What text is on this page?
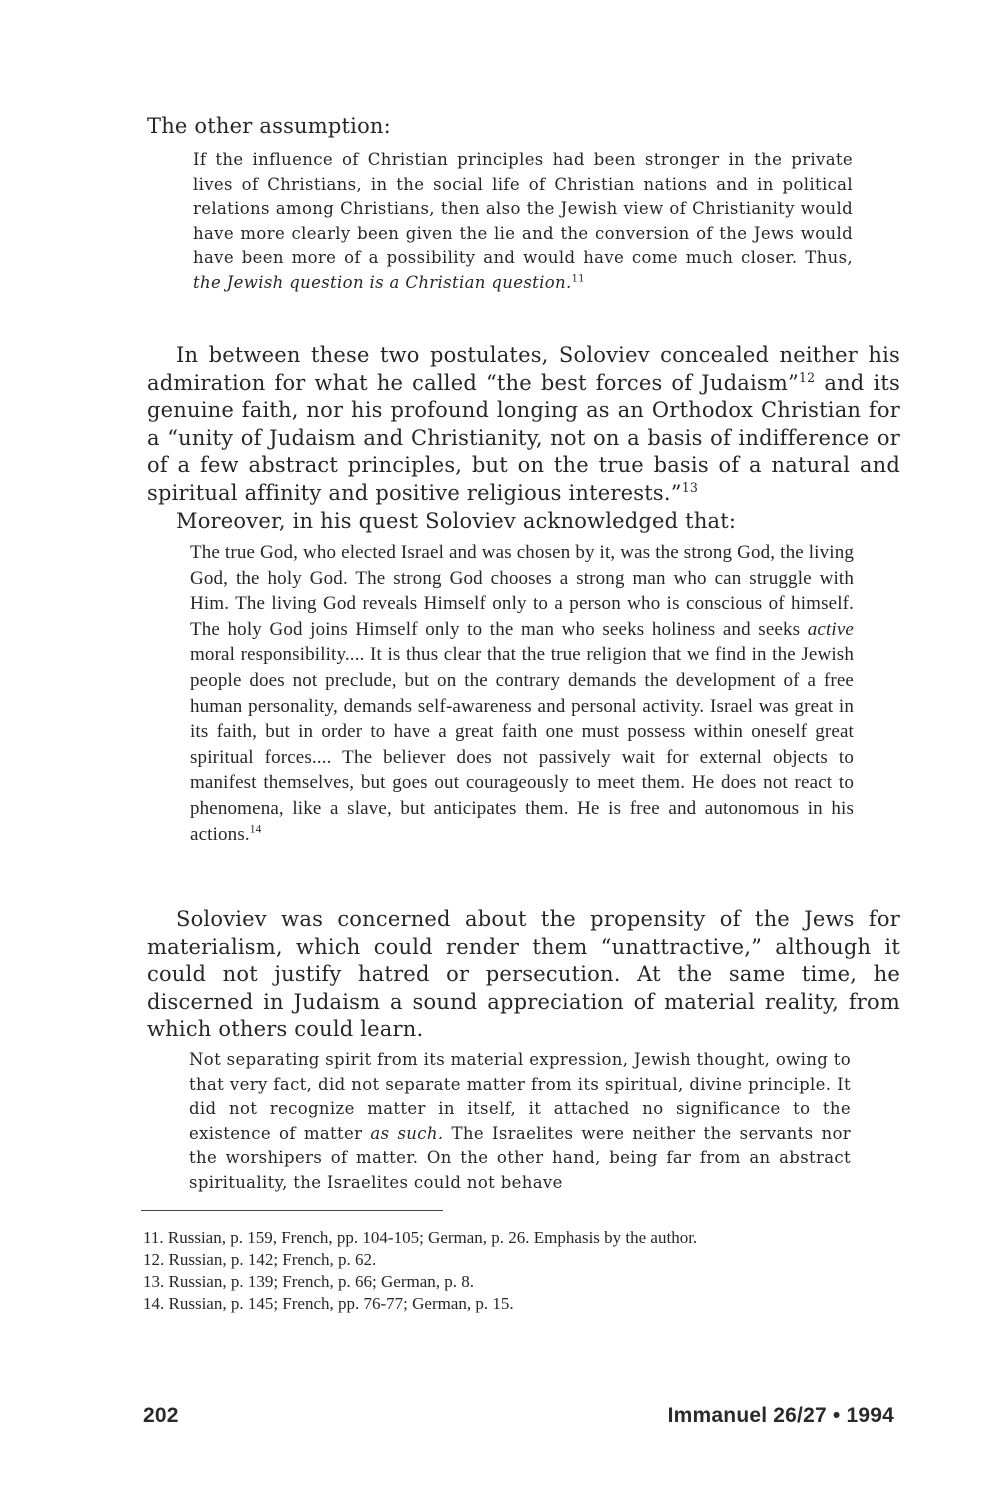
The other assumption:

If the influence of Christian principles had been stronger in the private lives of Christians, in the social life of Christian nations and in political relations among Christians, then also the Jewish view of Christianity would have more clearly been given the lie and the conversion of the Jews would have been more of a possibility and would have come much closer. Thus, the Jewish question is a Christian question.$^{11}$

In between these two postulates, Soloviev concealed neither his admiration for what he called “the best forces of Judaism”$^{12}$ and its genuine faith, nor his profound longing as an Orthodox Christian for a “unity of Judaism and Christianity, not on a basis of indifference or of a few abstract principles, but on the true basis of a natural and spiritual affinity and positive religious interests.”$^{13}$

Moreover, in his quest Soloviev acknowledged that:

The true God, who elected Israel and was chosen by it, was the strong God, the living God, the holy God. The strong God chooses a strong man who can struggle with Him. The living God reveals Himself only to a person who is conscious of himself. The holy God joins Himself only to the man who seeks holiness and seeks active moral responsibility.... It is thus clear that the true religion that we find in the Jewish people does not preclude, but on the contrary demands the development of a free human personality, demands self-awareness and personal activity. Israel was great in its faith, but in order to have a great faith one must possess within oneself great spiritual forces.... The believer does not passively wait for external objects to manifest themselves, but goes out courageously to meet them. He does not react to phenomena, like a slave, but anticipates them. He is free and autonomous in his actions.$^{14}$

Soloviev was concerned about the propensity of the Jews for materialism, which could render them “unattractive,” although it could not justify hatred or persecution. At the same time, he discerned in Judaism a sound appreciation of material reality, from which others could learn.

Not separating spirit from its material expression, Jewish thought, owing to that very fact, did not separate matter from its spiritual, divine principle. It did not recognize matter in itself, it attached no significance to the existence of matter as such. The Israelites were neither the servants nor the worshipers of matter. On the other hand, being far from an abstract spirituality, the Israelites could not behave

11. Russian, p. 159, French, pp. 104-105; German, p. 26. Emphasis by the author.
12. Russian, p. 142; French, p. 62.
13. Russian, p. 139; French, p. 66; German, p. 8.
14. Russian, p. 145; French, pp. 76-77; German, p. 15.
202	Immanuel 26/27 • 1994
